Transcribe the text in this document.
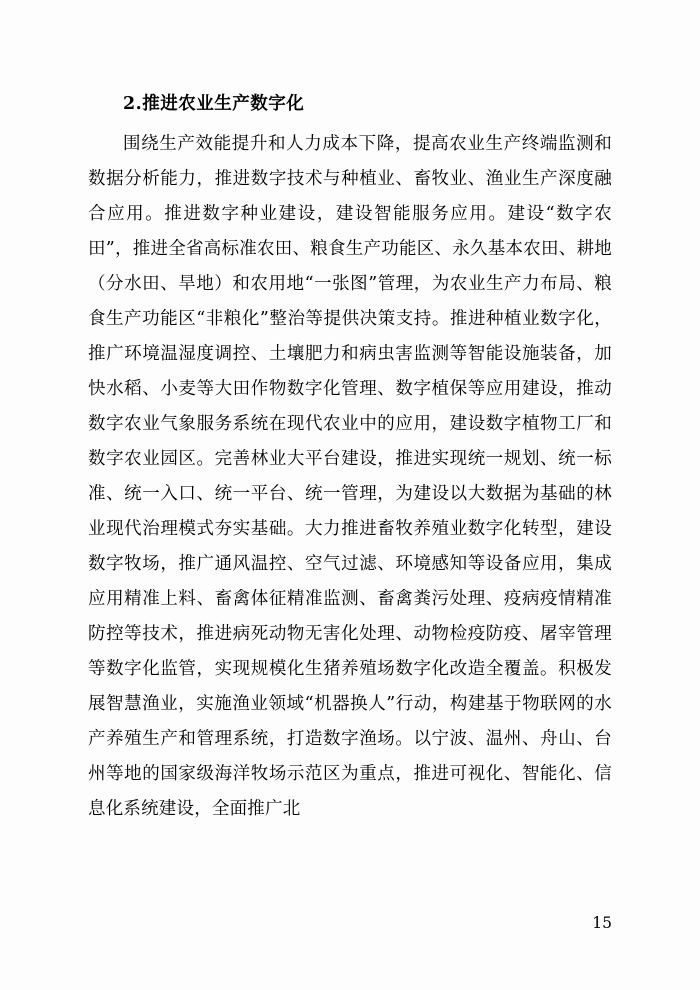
2.推进农业生产数字化

围绕生产效能提升和人力成本下降，提高农业生产终端监测和数据分析能力，推进数字技术与种植业、畜牧业、渔业生产深度融合应用。推进数字种业建设，建设智能服务应用。建设“数字农田”，推进全省高标准农田、粮食生产功能区、永久基本农田、耕地（分水田、旱地）和农用地“一张图”管理，为农业生产力布局、粮食生产功能区“非粮化”整治等提供决策支持。推进种植业数字化，推广环境温湿度调控、土壤肥力和病虫害监测等智能设施装备，加快水稻、小麦等大田作物数字化管理、数字植保等应用建设，推动数字农业气象服务系统在现代农业中的应用，建设数字植物工厂和数字农业园区。完善林业大平台建设，推进实现统一规划、统一标准、统一入口、统一平台、统一管理，为建设以大数据为基础的林业现代治理模式夯实基础。大力推进畜牧养殖业数字化转型，建设数字牧场，推广通风温控、空气过滤、环境感知等设备应用，集成应用精准上料、畜禽体征精准监测、畜禽粪污处理、疫病疫情精准防控等技术，推进病死动物无害化处理、动物检疫防疫、屠宰管理等数字化监管，实现规模化生猪养殖场数字化改造全覆盖。积极发展智慧渔业，实施渔业领域“机器换人”行动，构建基于物联网的水产养殖生产和管理系统，打造数字渔场。以宁波、温州、舟山、台州等地的国家级海洋牧场示范区为重点，推进可视化、智能化、信息化系统建设，全面推广北

15
